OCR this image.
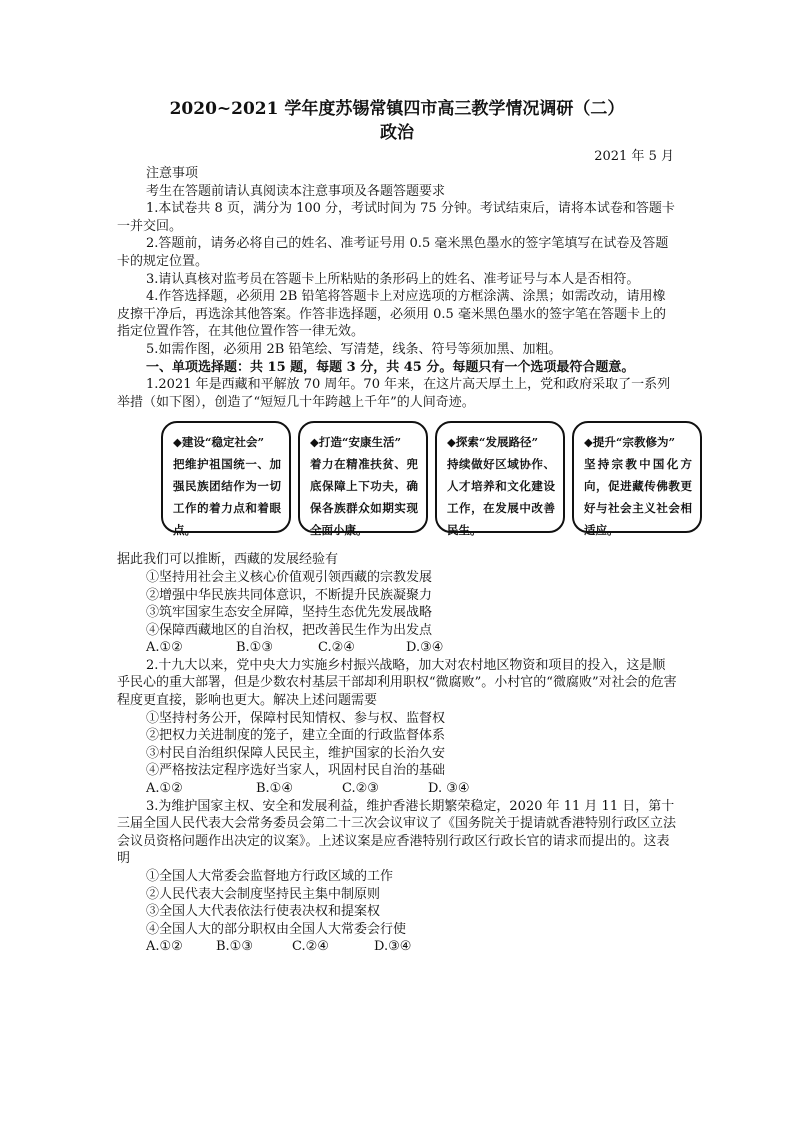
2020~2021 学年度苏锡常镇四市高三教学情况调研（二）
政治
2021 年 5 月

注意事项

考生在答题前请认真阅读本注意事项及各题答题要求

1.本试卷共 8 页，满分为 100 分，考试时间为 75 分钟。考试结束后，请将本试卷和答题卡一并交回。

2.答题前，请务必将自己的姓名、准考证号用 0.5 毫米黑色墨水的签字笔填写在试卷及答题卡的规定位置。

3.请认真核对监考员在答题卡上所粘贴的条形码上的姓名、准考证号与本人是否相符。

4.作答选择题，必须用 2B 铅笔将答题卡上对应选项的方框涂满、涂黑；如需改动，请用橡皮擦干净后，再选涂其他答案。作答非选择题，必须用 0.5 毫米黑色墨水的签字笔在答题卡上的指定位置作答，在其他位置作答一律无效。

5.如需作图，必须用 2B 铅笔绘、写清楚，线条、符号等须加黑、加粗。

一、单项选择题：共 15 题，每题 3 分，共 45 分。每题只有一个选项最符合题意。

1.2021 年是西藏和平解放 70 周年。70 年来，在这片高天厚土上，党和政府采取了一系列举措（如下图），创造了“短短几十年跨越上千年”的人间奇迹。

◆建设“稳定社会”
把维护祖国统一、加强民族团结作为一切工作的着力点和着眼点。
◆打造“安康生活”
着力在精准扶贫、兜底保障上下功夫，确保各族群众如期实现全面小康。
◆探索“发展路径”
持续做好区域协作、人才培养和文化建设工作，在发展中改善民生。
◆提升“宗教修为”
坚持宗教中国化方向，促进藏传佛教更好与社会主义社会相适应。

据此我们可以推断，西藏的发展经验有

①坚持用社会主义核心价值观引领西藏的宗教发展

②增强中华民族共同体意识，不断提升民族凝聚力

③筑牢国家生态安全屏障，坚持生态优先发展战略

④保障西藏地区的自治权，把改善民生作为出发点

A.①②	B.①③	C.②④	D.③④

2.十九大以来，党中央大力实施乡村振兴战略，加大对农村地区物资和项目的投入，这是顺乎民心的重大部署，但是少数农村基层干部却利用职权“微腐败”。小村官的“微腐败”对社会的危害程度更直接，影响也更大。解决上述问题需要

①坚持村务公开，保障村民知情权、参与权、监督权

②把权力关进制度的笼子，建立全面的行政监督体系

③村民自治组织保障人民民主，维护国家的长治久安

④严格按法定程序选好当家人，巩固村民自治的基础

A.①②	B.①④	C.②③	D. ③④

3.为维护国家主权、安全和发展利益，维护香港长期繁荣稳定，2020 年 11 月 11 日，第十三届全国人民代表大会常务委员会第二十三次会议审议了《国务院关于提请就香港特别行政区立法会议员资格问题作出决定的议案》。上述议案是应香港特别行政区行政长官的请求而提出的。这表明

①全国人大常委会监督地方行政区域的工作

②人民代表大会制度坚持民主集中制原则

③全国人大代表依法行使表决权和提案权

④全国人大的部分职权由全国人大常委会行使

A.①②	B.①③	C.②④	D.③④
